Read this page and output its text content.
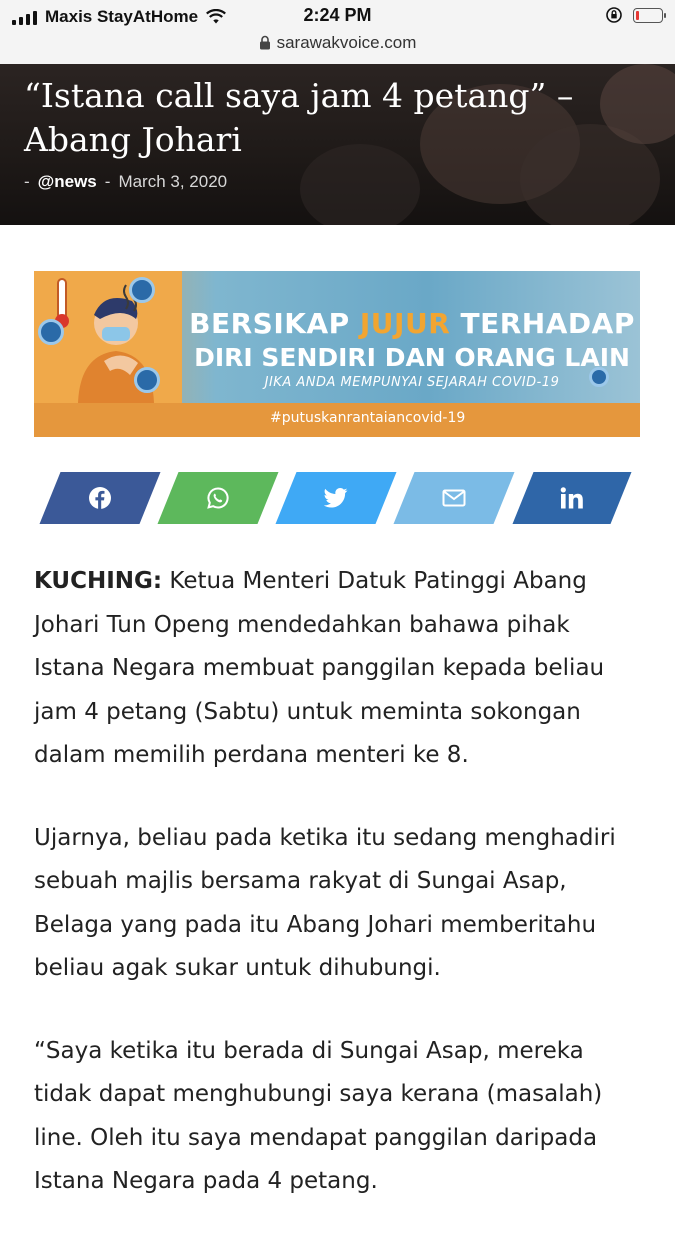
Maxis StayAtHome	2:24 PM
sarawakvoice.com
“Istana call saya jam 4 petang” – Abang Johari
- @news - March 3, 2020
BERSIKAP JUJUR TERHADAP
DIRI SENDIRI DAN ORANG LAIN
JIKA ANDA MEMPUNYAI SEJARAH COVID-19
#putuskanrantaiancovid-19

KUCHING: Ketua Menteri Datuk Patinggi Abang Johari Tun Openg mendedahkan bahawa pihak Istana Negara membuat panggilan kepada beliau jam 4 petang (Sabtu) untuk meminta sokongan dalam memilih perdana menteri ke 8.

Ujarnya, beliau pada ketika itu sedang menghadiri sebuah majlis bersama rakyat di Sungai Asap, Belaga yang pada itu Abang Johari memberitahu beliau agak sukar untuk dihubungi.

“Saya ketika itu berada di Sungai Asap, mereka tidak dapat menghubungi saya kerana (masalah) line. Oleh itu saya mendapat panggilan daripada Istana Negara pada 4 petang.
